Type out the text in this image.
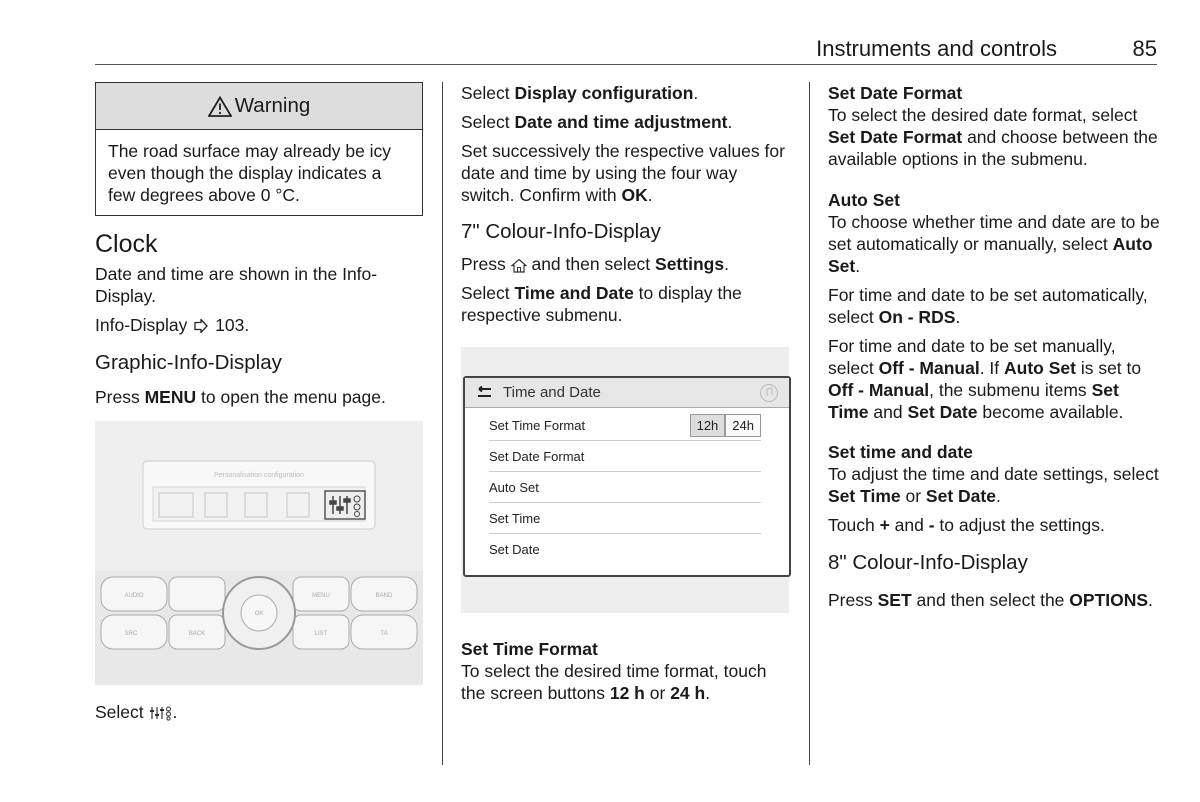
Instruments and controls	85
Warning

The road surface may already be icy even though the display indicates a few degrees above 0 °C.

Clock

Date and time are shown in the Info-Display.

Info-Display 103.

Graphic-Info-Display

Press MENU to open the menu page.

Personalisation configuration
AUDIO	MENU	BAND
SRC	BACK	LIST	TA
OK

Select .

Select Display configuration.

Select Date and time adjustment.

Set successively the respective values for date and time by using the four way switch. Confirm with OK.

7" Colour-Info-Display

Press  and then select Settings.

Select Time and Date to display the respective submenu.

Time and Date
Set Time Format	12h	24h
Set Date Format
Auto Set
Set Time
Set Date

Set Time Format

To select the desired time format, touch the screen buttons 12 h or 24 h.

Set Date Format

To select the desired date format, select Set Date Format and choose between the available options in the submenu.

Auto Set

To choose whether time and date are to be set automatically or manually, select Auto Set.

For time and date to be set automatically, select On - RDS.

For time and date to be set manually, select Off - Manual. If Auto Set is set to Off - Manual, the submenu items Set Time and Set Date become available.

Set time and date

To adjust the time and date settings, select Set Time or Set Date.

Touch + and - to adjust the settings.

8" Colour-Info-Display

Press SET and then select the OPTIONS.
